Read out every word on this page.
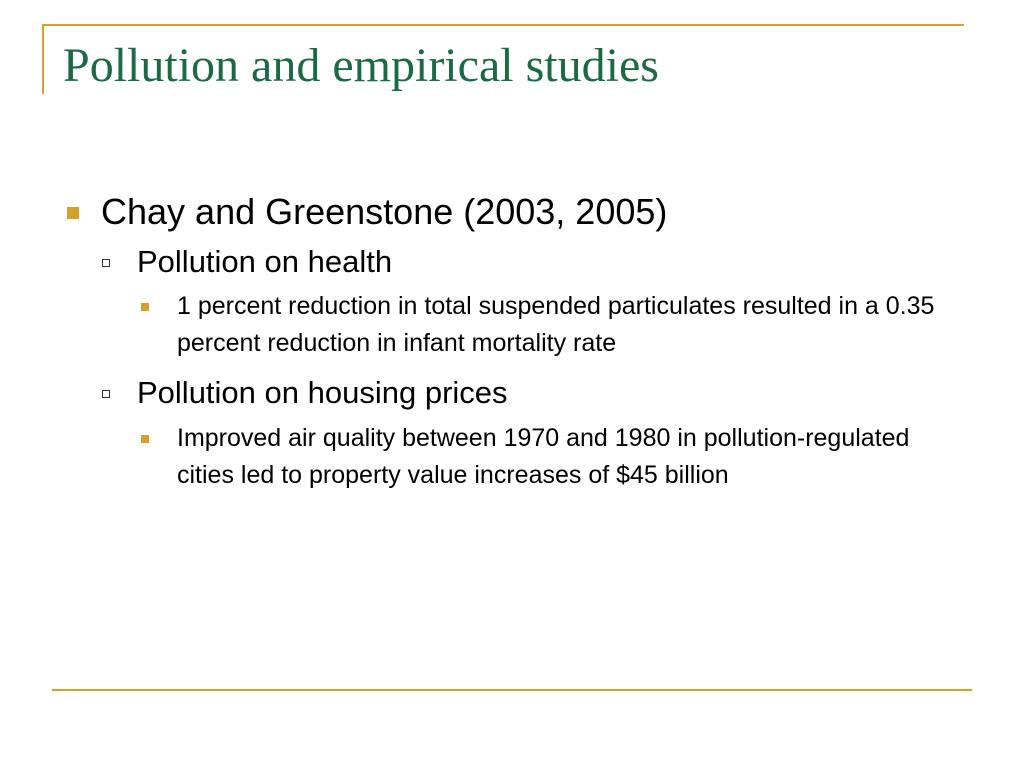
Pollution and empirical studies
Chay and Greenstone (2003, 2005)
Pollution on health
1 percent reduction in total suspended particulates resulted in a 0.35 percent reduction in infant mortality rate
Pollution on housing prices
Improved air quality between 1970 and 1980 in pollution-regulated cities led to property value increases of $45 billion
